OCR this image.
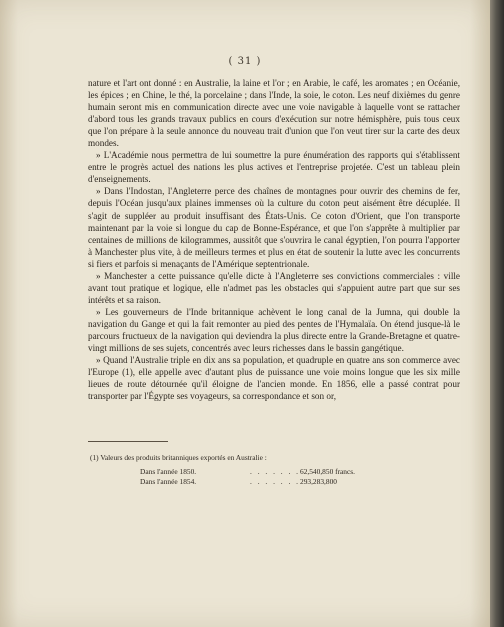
( 31 )

nature et l'art ont donné : en Australie, la laine et l'or ; en Arabie, le café, les aromates ; en Océanie, les épices ; en Chine, le thé, la porcelaine ; dans l'Inde, la soie, le coton. Les neuf dixièmes du genre humain seront mis en communication directe avec une voie navigable à laquelle vont se rattacher d'abord tous les grands travaux publics en cours d'exécution sur notre hémisphère, puis tous ceux que l'on prépare à la seule annonce du nouveau trait d'union que l'on veut tirer sur la carte des deux mondes.

» L'Académie nous permettra de lui soumettre la pure énumération des rapports qui s'établissent entre le progrès actuel des nations les plus actives et l'entreprise projetée. C'est un tableau plein d'enseignements.

» Dans l'Indostan, l'Angleterre perce des chaînes de montagnes pour ouvrir des chemins de fer, depuis l'Océan jusqu'aux plaines immenses où la culture du coton peut aisément être décuplée. Il s'agit de suppléer au produit insuffisant des États-Unis. Ce coton d'Orient, que l'on transporte maintenant par la voie si longue du cap de Bonne-Espérance, et que l'on s'apprête à multiplier par centaines de millions de kilogrammes, aussitôt que s'ouvrira le canal égyptien, l'on pourra l'apporter à Manchester plus vite, à de meilleurs termes et plus en état de soutenir la lutte avec les concurrents si fiers et parfois si menaçants de l'Amérique septentrionale.

» Manchester a cette puissance qu'elle dicte à l'Angleterre ses convictions commerciales : ville avant tout pratique et logique, elle n'admet pas les obstacles qui s'appuient autre part que sur ses intérêts et sa raison.

» Les gouverneurs de l'Inde britannique achèvent le long canal de la Jumna, qui double la navigation du Gange et qui la fait remonter au pied des pentes de l'Hymalaïa. On étend jusque-là le parcours fructueux de la navigation qui deviendra la plus directe entre la Grande-Bretagne et quatre-vingt millions de ses sujets, concentrés avec leurs richesses dans le bassin gangétique.

» Quand l'Australie triple en dix ans sa population, et quadruple en quatre ans son commerce avec l'Europe (1), elle appelle avec d'autant plus de puissance une voie moins longue que les six mille lieues de route détournée qu'il éloigne de l'ancien monde. En 1856, elle a passé contrat pour transporter par l'Égypte ses voyageurs, sa correspondance et son or,

(1) Valeurs des produits britanniques exportés en Australie :
Dans l'année 1850.	. . . . . . . 62,540,850 francs.
Dans l'année 1854.	. . . . . . . 293,283,800
